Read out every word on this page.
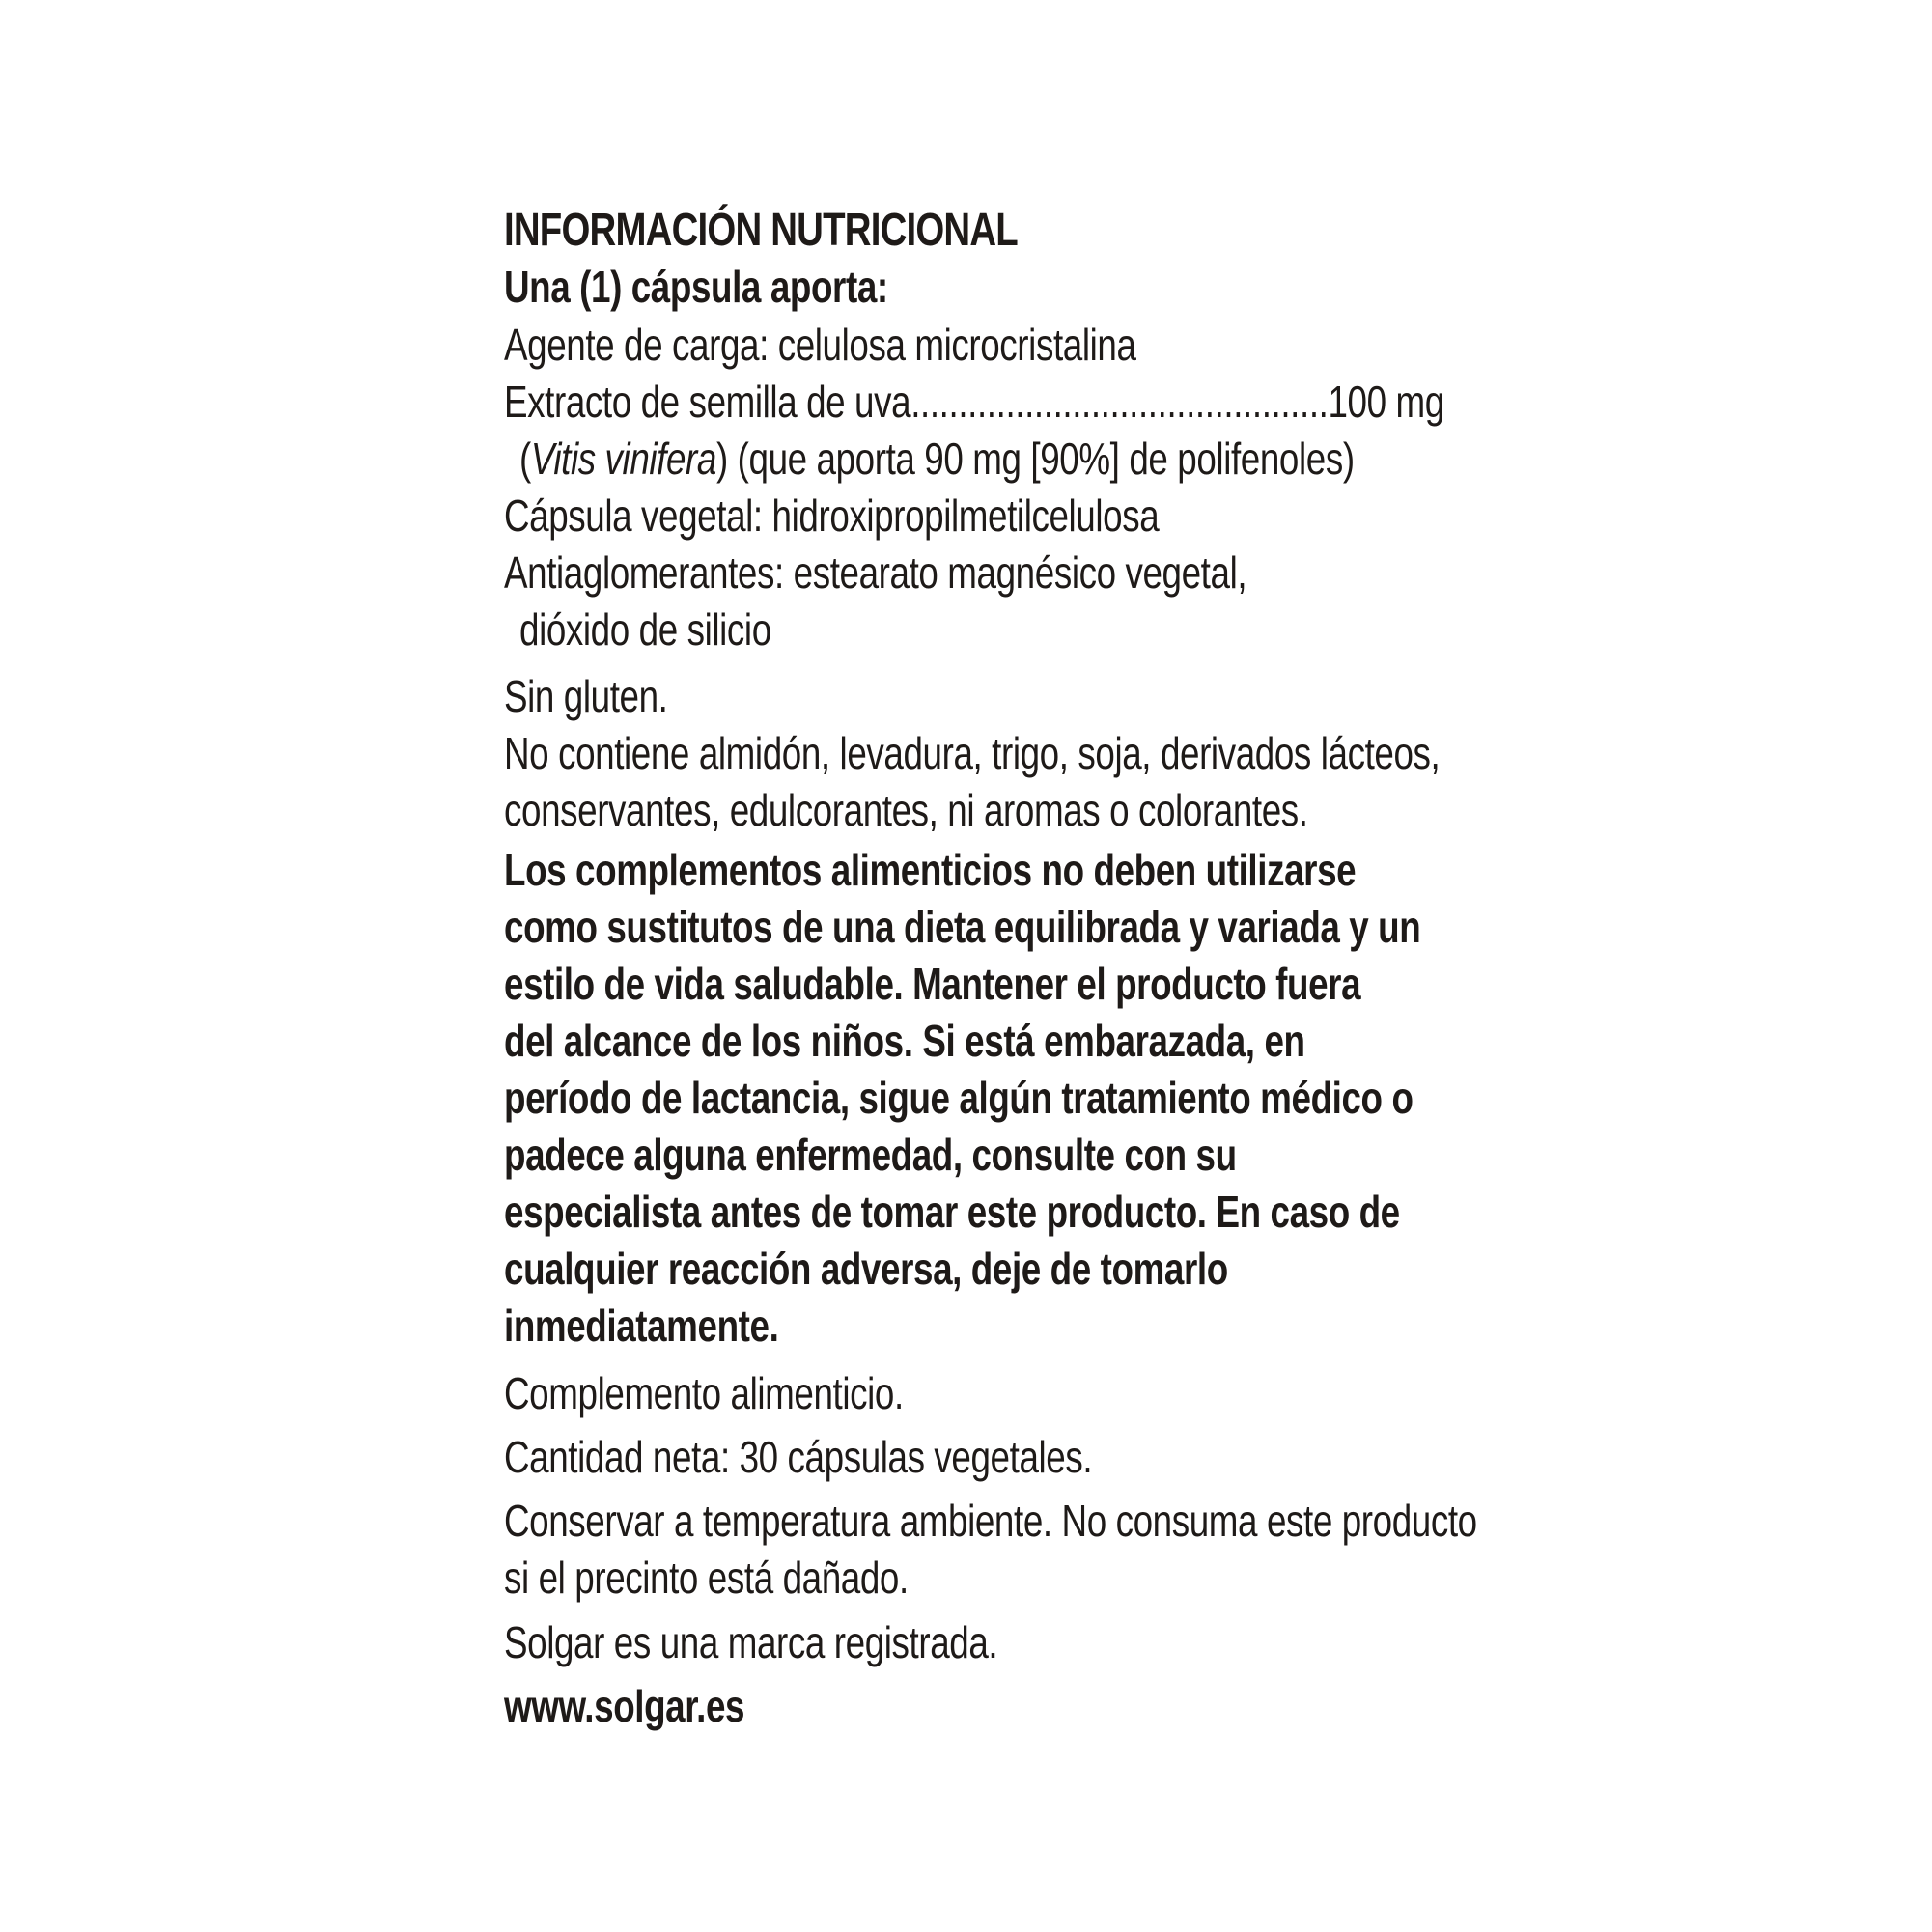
INFORMACIÓN NUTRICIONAL
Una (1) cápsula aporta:
Agente de carga: celulosa microcristalina
Extracto de semilla de uva............................................100 mg
(Vitis vinifera) (que aporta 90 mg [90%] de polifenoles)
Cápsula vegetal: hidroxipropilmetilcelulosa
Antiaglomerantes: estearato magnésico vegetal,
dióxido de silicio
Sin gluten.
No contiene almidón, levadura, trigo, soja, derivados lácteos,
conservantes, edulcorantes, ni aromas o colorantes.
Los complementos alimenticios no deben utilizarse
como sustitutos de una dieta equilibrada y variada y un
estilo de vida saludable. Mantener el producto fuera
del alcance de los niños. Si está embarazada, en
período de lactancia, sigue algún tratamiento médico o
padece alguna enfermedad, consulte con su
especialista antes de tomar este producto. En caso de
cualquier reacción adversa, deje de tomarlo
inmediatamente.
Complemento alimenticio.
Cantidad neta: 30 cápsulas vegetales.
Conservar a temperatura ambiente. No consuma este producto
si el precinto está dañado.
Solgar es una marca registrada.
www.solgar.es
